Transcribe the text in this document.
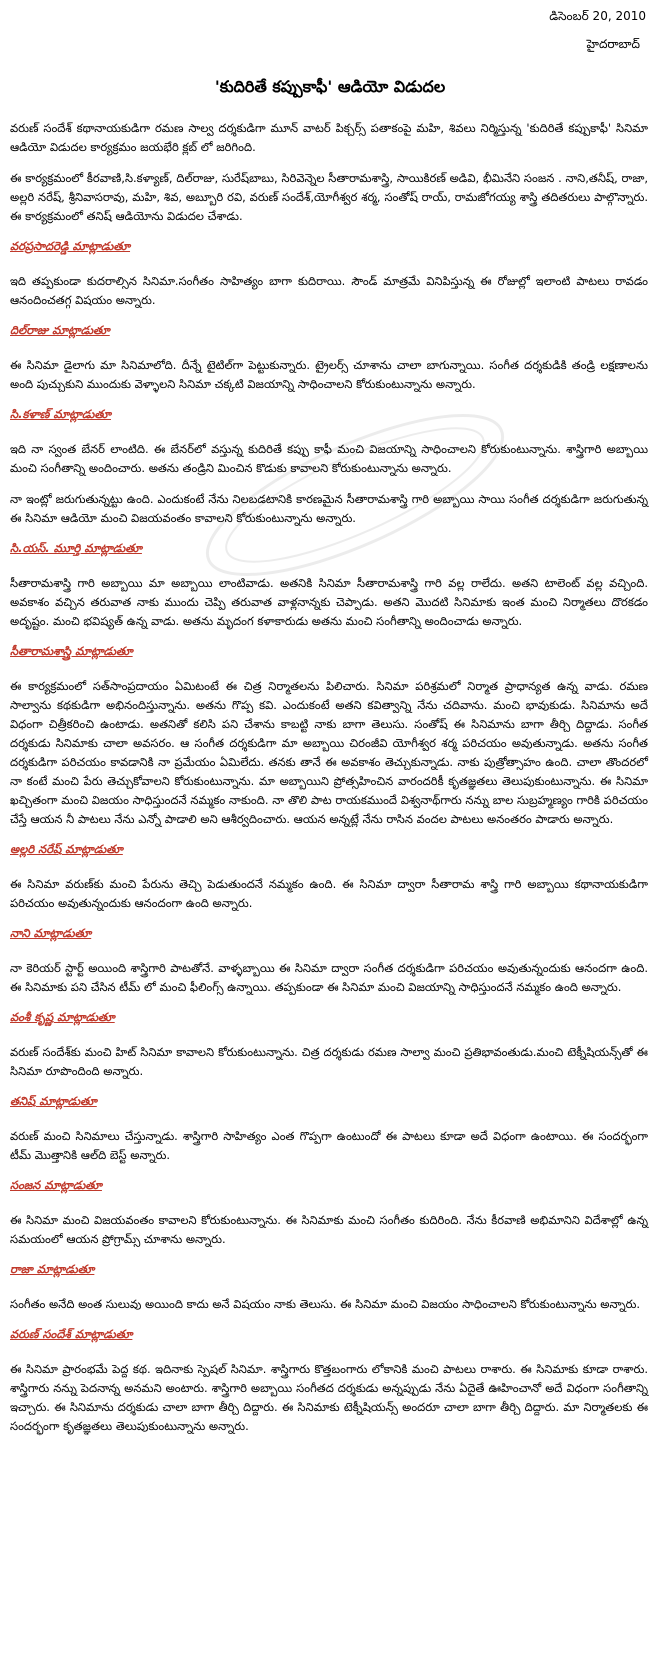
డిసెంబర్ 20, 2010
హైదరాబాద్
'కుదిరితే కప్పుకాఫీ' ఆడియో విడుదల

వరుణ్ సందేశ్ కథానాయకుడిగా రమణ సాల్వ దర్శకుడిగా మూన్ వాటర్ పిక్చర్స్ పతాకంపై మహి, శివలు నిర్మిస్తున్న 'కుదిరితే కప్పుకాఫీ' సినిమా ఆడియో విడుదల కార్యక్రమం జయభేరి క్లబ్ లో జరిగింది.

ఈ కార్యక్రమంలో కీరవాణి,సి.కళ్యాణ్, దిల్‌రాజు, సురేష్‌బాబు, సిరివెన్నెల సీతారామశాస్త్రి, సాయికిరణ్ అడివి, భీమినేని సంజన . నాని,తనీష్, రాజా, అల్లరి నరేష్, శ్రీనివాసరావు, మహి, శివ, అబ్బూరి రవి, వరుణ్ సందేశ్,యోగీశ్వర శర్మ, సంతోష్ రాయ్, రామజోగయ్య శాస్త్రి తదితరులు పాల్గొన్నారు. ఈ కార్యక్రమంలో తనిష్ ఆడియోను విడుదల చేశాడు.

వరప్రసాదరెడ్డి మాట్లాడుతూ

ఇది తప్పకుండా కుదరాల్సిన సినిమా.సంగీతం సాహిత్యం బాగా కుదిరాయి. సౌండ్ మాత్రమే వినిపిస్తున్న ఈ రోజుల్లో ఇలాంటి పాటలు రావడం ఆనందించతగ్గ విషయం అన్నారు.

దిల్‌రాజు మాట్లాడుతూ

ఈ సినిమా డైలాగు మా సినిమాలోది. దీన్నే టైటిల్‌గా పెట్టుకున్నారు. ట్రైలర్స్ చూశాను చాలా బాగున్నాయి. సంగీత దర్శకుడికి తండ్రి లక్షణాలను అంది పుచ్చుకుని ముందుకు వెళ్ళాలని సినిమా చక్కటి విజయాన్ని సాధించాలని కోరుకుంటున్నాను అన్నారు.

సి.కళాణ్ మాట్లాడుతూ

ఇది నా స్వంత బేనర్ లాంటిది. ఈ బేనర్‌లో వస్తున్న కుదిరితే కప్పు కాఫీ మంచి విజయాన్ని సాధించాలని కోరుకుంటున్నాను. శాస్త్రిగారి అబ్బాయి మంచి సంగీతాన్ని అందించారు. అతను తండ్రిని మించిన కొడుకు కావాలని కోరుకుంటున్నాను అన్నారు.

నా ఇంట్లో జరుగుతున్నట్టు ఉంది. ఎందుకంటే నేను నిలబడటానికి కారణమైన సీతారామశాస్త్రి గారి అబ్బాయి సాయి సంగీత దర్శకుడిగా జరుగుతున్న ఈ సినిమా ఆడియో మంచి విజయవంతం కావాలని కోరుకుంటున్నాను అన్నారు.

సి.యస్. మూర్తి మాట్లాడుతూ

సీతారామశాస్త్రి గారి అబ్బాయి మా అబ్బాయి లాంటివాడు. అతనికి సినిమా సీతారామశాస్త్రి గారి వల్ల రాలేదు. అతని టాలెంట్ వల్ల వచ్చింది. అవకాశం వచ్చిన తరువాత నాకు ముందు చెప్పి తరువాత వాళ్లనాన్నకు చెప్పాడు. అతని మొదటి సినిమాకు ఇంత మంచి నిర్మాతలు దొరకడం అదృష్టం. మంచి భవిష్యత్ ఉన్న వాడు. అతను మృదంగ కళాకారుడు అతను మంచి సంగీతాన్ని అందించాడు అన్నారు.

సీతారామశాస్త్రి మాట్లాడుతూ

ఈ కార్యక్రమంలో సత్‌సాంప్రదాయం ఏమిటంటే ఈ చిత్ర నిర్మాతలను పిలిచారు. సినిమా పరిశ్రమలో నిర్మాత ప్రాధాన్యత ఉన్న వాడు. రమణ సాల్వాను కథకుడిగా అభినందిస్తున్నాను. అతను గొప్ప కవి. ఎందుకంటే అతని కవిత్వాన్ని నేను చదివాను. మంచి భావుకుడు. సినిమాను అదే విధంగా చిత్రీకరించి ఉంటాడు. అతనితో కలిసి పని చేశాను కాబట్టి నాకు బాగా తెలుసు. సంతోష్ ఈ సినిమాను బాగా తీర్చి దిద్దాడు. సంగీత దర్శకుడు సినిమాకు చాలా అవసరం. ఆ సంగీత దర్శకుడిగా మా అబ్బాయి చిరంజీవి యోగీశ్వర శర్మ పరిచయం అవుతున్నాడు. అతను సంగీత దర్శకుడిగా పరిచయం కావడానికి నా ప్రమేయం ఏమిలేదు. తనకు తానే ఈ అవకాశం తెచ్చుకున్నాడు. నాకు పుత్రోత్సాహం ఉంది. చాలా తొందరలో నా కంటే మంచి పేరు తెచ్చుకోవాలని కోరుకుంటున్నాను. మా అబ్బాయిని ప్రోత్సహించిన వారందరికీ కృతజ్ఞతలు తెలుపుకుంటున్నాను. ఈ సినిమా ఖచ్చితంగా మంచి విజయం సాధిస్తుందనే నమ్మకం నాకుంది. నా తొలి పాట రాయకముందే విశ్వనాథ్‌గారు నన్ను బాల సుబ్రహ్మణ్యం గారికి పరిచయం చేస్తే ఆయన నీ పాటలు నేను ఎన్నో పాడాలి అని ఆశీర్వదించారు. ఆయన అన్నట్లే నేను రాసిన వందల పాటలు అనంతరం పాడారు అన్నారు.

అల్లరి నరేష్ మాట్లాడుతూ

ఈ సినిమా వరుణ్‌కు మంచి పేరును తెచ్చి పెడుతుందనే నమ్మకం ఉంది. ఈ సినిమా ద్వారా సీతారామ శాస్త్రి గారి అబ్బాయి కథానాయకుడిగా పరిచయం అవుతున్నందుకు ఆనందంగా ఉంది అన్నారు.

నాని మాట్లాడుతూ

నా కెరియర్ స్టార్ట్ అయింది శాస్త్రిగారి పాటతోనే. వాళ్ళబ్బాయి ఈ సినిమా ద్వారా సంగీత దర్శకుడిగా పరిచయం అవుతున్నందుకు ఆనందగా ఉంది. ఈ సినిమాకు పని చేసిన టీమ్ లో మంచి ఫీలింగ్స్ ఉన్నాయి. తప్పకుండా ఈ సినిమా మంచి విజయాన్ని సాధిస్తుందనే నమ్మకం ఉంది అన్నారు.

వంశీ కృష్ణ మాట్లాడుతూ

వరుణ్ సందేశ్‌కు మంచి హిట్ సినిమా కావాలని కోరుకుంటున్నాను. చిత్ర దర్శకుడు రమణ సాల్వా మంచి ప్రతిభావంతుడు.మంచి టెక్నీషియన్స్‌తో ఈ సినిమా రూపొందింది అన్నారు.

తనిష్ మాట్లాడుతూ

వరుణ్ మంచి సినిమాలు చేస్తున్నాడు. శాస్త్రిగారి సాహిత్యం ఎంత గొప్పగా ఉంటుందో ఈ పాటలు కూడా అదే విధంగా ఉంటాయి. ఈ సందర్భంగా టీమ్ మొత్తానికి ఆల్‌ది బెస్ట్ అన్నారు.

సంజన మాట్లాడుతూ

ఈ సినిమా మంచి విజయవంతం కావాలని కోరుకుంటున్నాను. ఈ సినిమాకు మంచి సంగీతం కుదిరింది. నేను కీరవాణి అభిమానిని విదేశాల్లో ఉన్న సమయంలో ఆయన ప్రోగ్రామ్స్ చూశాను అన్నారు.

రాజా మాట్లాడుతూ

సంగీతం అనేది అంత సులువు అయింది కాదు అనే విషయం నాకు తెలుసు. ఈ సినిమా మంచి విజయం సాధించాలని కోరుకుంటున్నాను అన్నారు.

వరుణ్ సందేశ్ మాట్లాడుతూ

ఈ సినిమా ప్రారంభమే పెద్ద కథ. ఇదినాకు స్పెషల్ సినిమా. శాస్త్రిగారు కొత్తబంగారు లోకానికి మంచి పాటలు రాశారు. ఈ సినిమాకు కూడా రాశారు. శాస్త్రిగారు నన్ను పెదనాన్న అనమని అంటారు. శాస్త్రిగారి అబ్బాయి సంగీతద దర్శకుడు అన్నప్పుడు నేను ఏదైతే ఊహించానో అదే విధంగా సంగీతాన్ని ఇచ్చారు. ఈ సినిమాను దర్శకుడు చాలా బాగా తీర్చి దిద్దారు. ఈ సినిమాకు టెక్నీషియన్స్ అందరూ చాలా బాగా తీర్చి దిద్దారు. మా నిర్మాతలకు ఈ సందర్భంగా కృతజ్ఞతలు తెలుపుకుంటున్నాను అన్నారు.
